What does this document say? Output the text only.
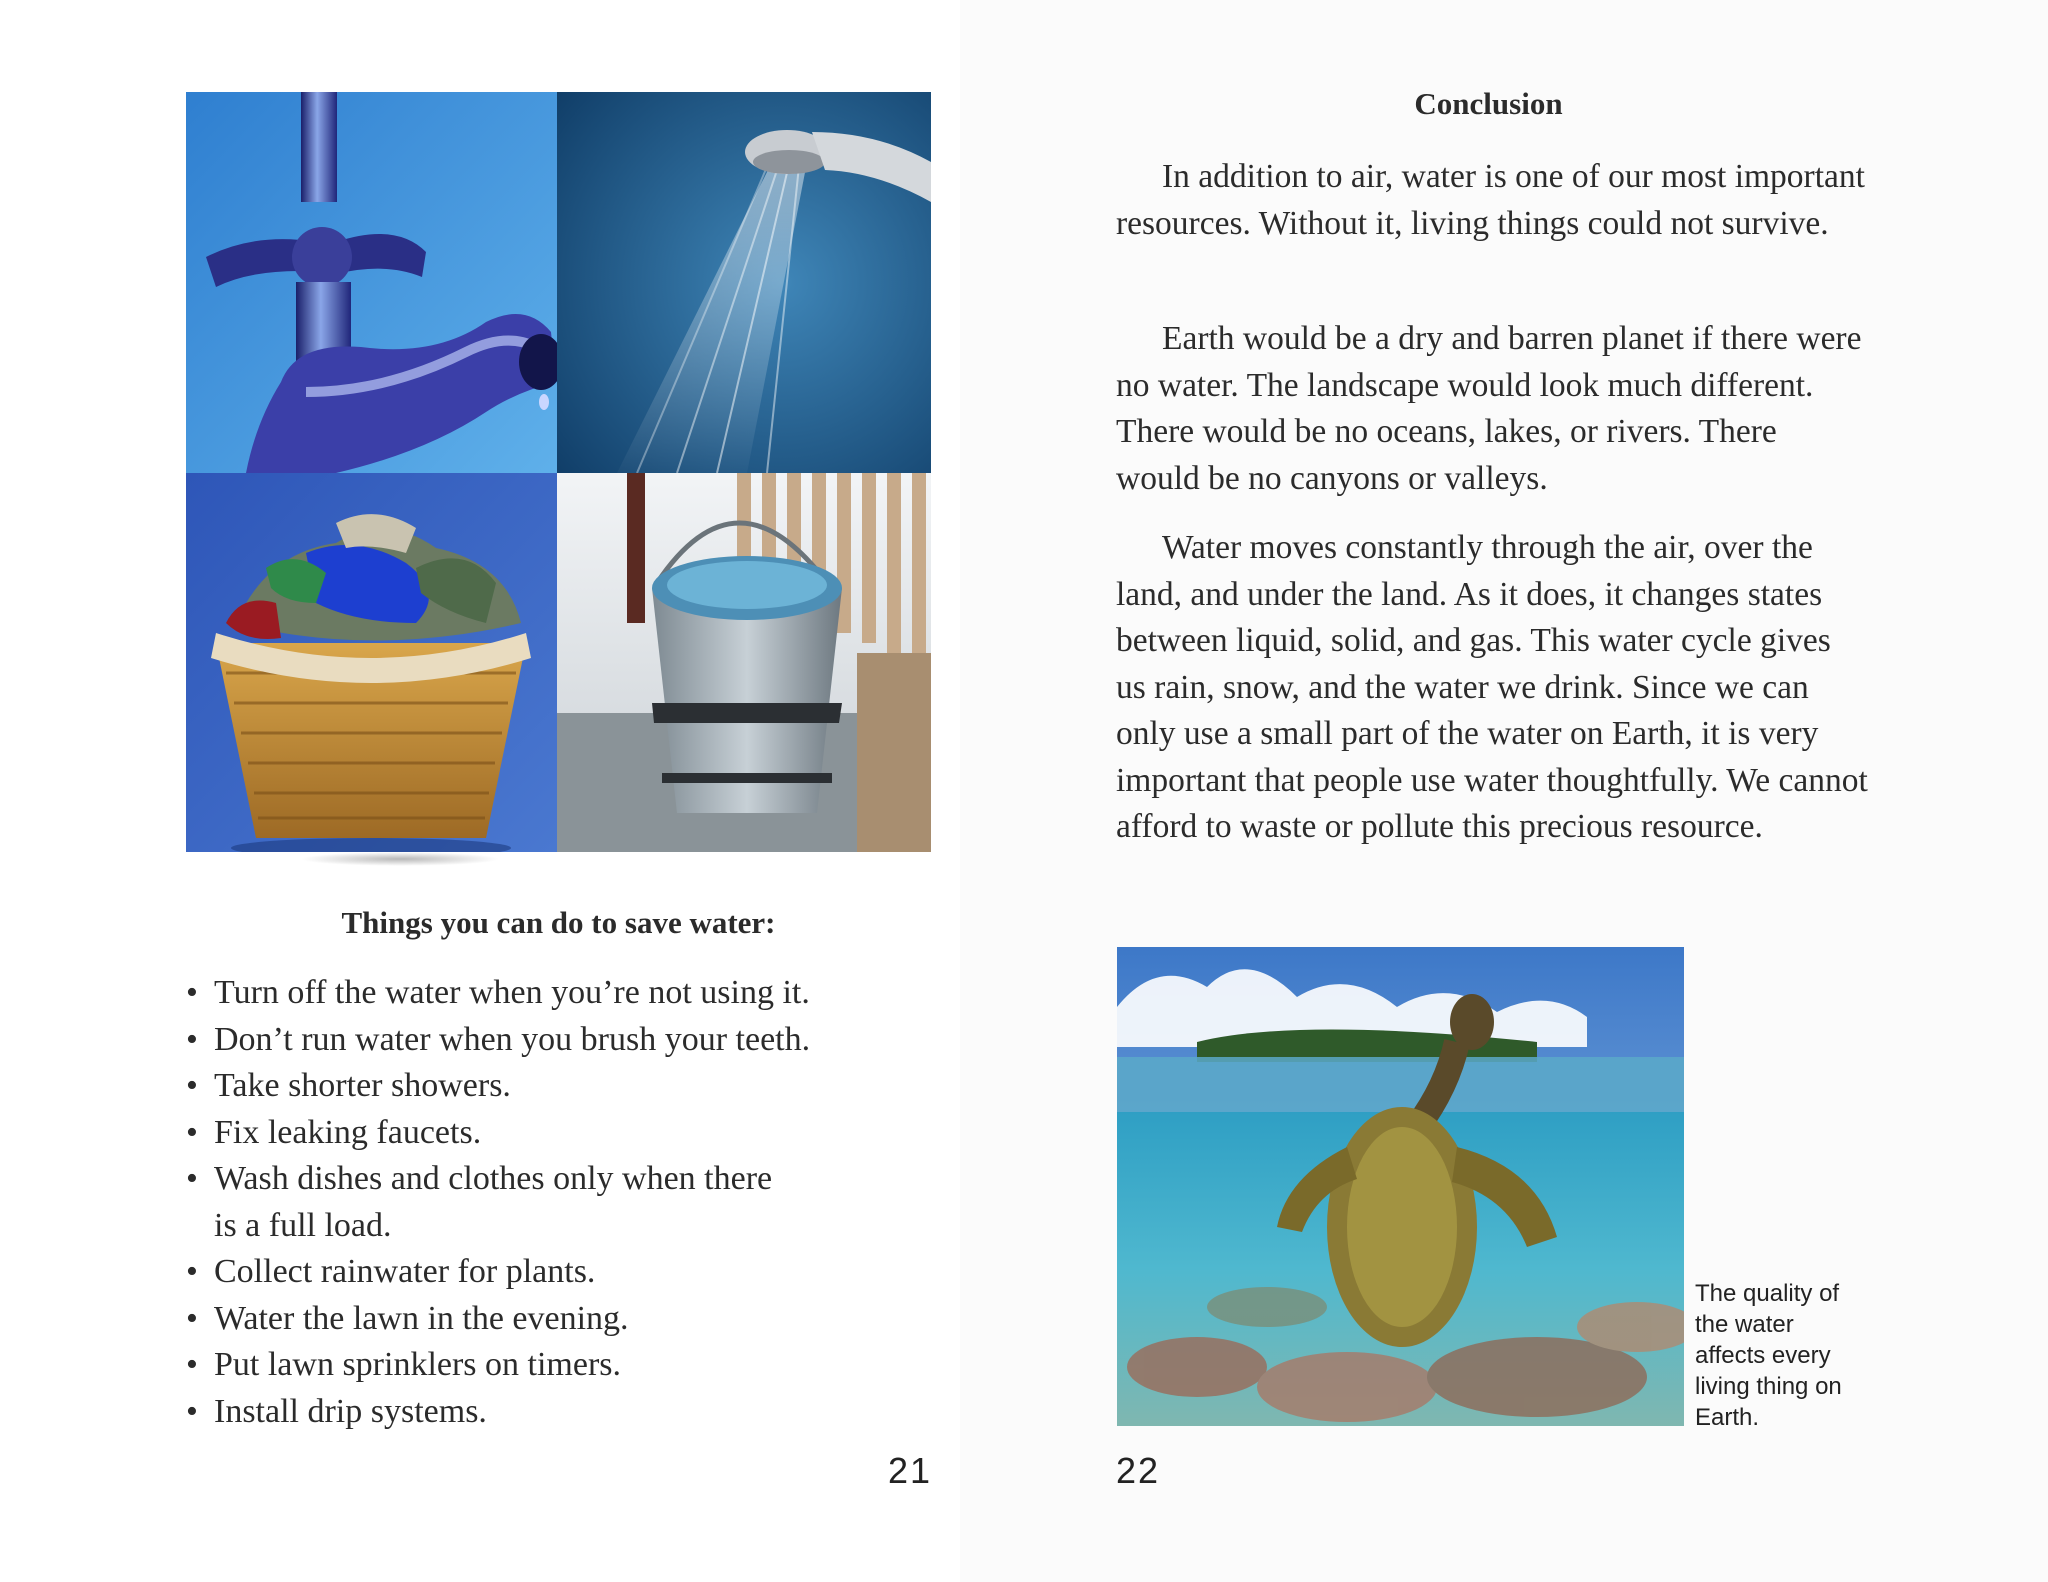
Things you can do to save water:
• Turn off the water when you’re not using it.
• Don’t run water when you brush your teeth.
• Take shorter showers.
• Fix leaking faucets.
• Wash dishes and clothes only when there
is a full load.
• Collect rainwater for plants.
• Water the lawn in the evening.
• Put lawn sprinklers on timers.
• Install drip systems.
21
Conclusion

In addition to air, water is one of our most important resources. Without it, living things could not survive.

Earth would be a dry and barren planet if there were no water. The landscape would look much different. There would be no oceans, lakes, or rivers. There would be no canyons or valleys.

Water moves constantly through the air, over the land, and under the land. As it does, it changes states between liquid, solid, and gas. This water cycle gives us rain, snow, and the water we drink. Since we can only use a small part of the water on Earth, it is very important that people use water thoughtfully. We cannot afford to waste or pollute this precious resource.

The quality of the water affects every living thing on Earth.
22
